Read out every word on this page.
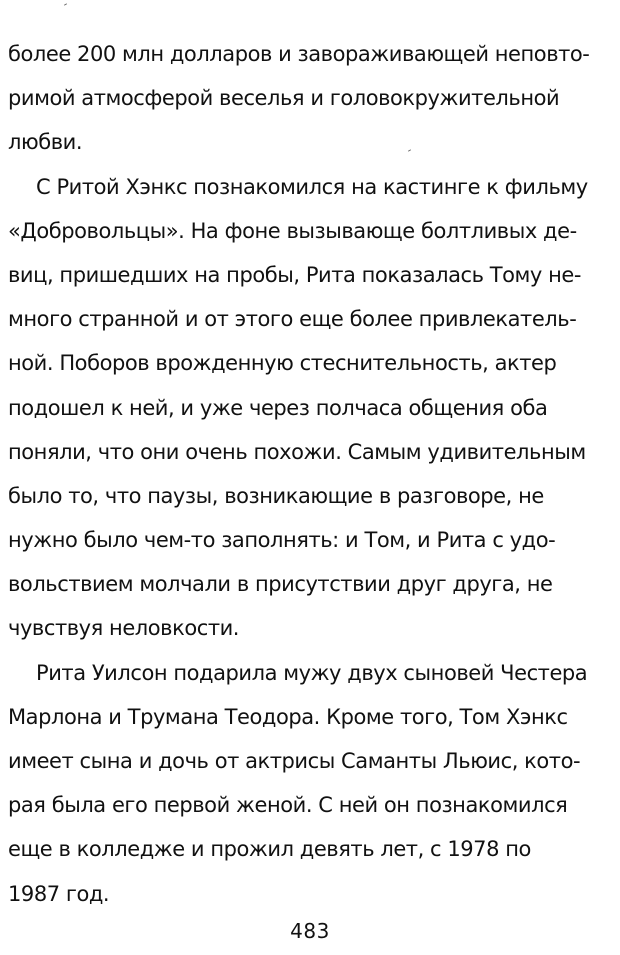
более 200 млн долларов и завораживающей неповто-
римой атмосферой веселья и головокружительной
любви.
С Ритой Хэнкс познакомился на кастинге к фильму
«Добровольцы». На фоне вызывающе болтливых де-
виц, пришедших на пробы, Рита показалась Тому не-
много странной и от этого еще более привлекатель-
ной. Поборов врожденную стеснительность, актер
подошел к ней, и уже через полчаса общения оба
поняли, что они очень похожи. Самым удивительным
было то, что паузы, возникающие в разговоре, не
нужно было чем-то заполнять: и Том, и Рита с удо-
вольствием молчали в присутствии друг друга, не
чувствуя неловкости.
Рита Уилсон подарила мужу двух сыновей Честера
Марлона и Трумана Теодора. Кроме того, Том Хэнкс
имеет сына и дочь от актрисы Саманты Льюис, кото-
рая была его первой женой. С ней он познакомился
еще в колледже и прожил девять лет, с 1978 по
1987 год.
483
